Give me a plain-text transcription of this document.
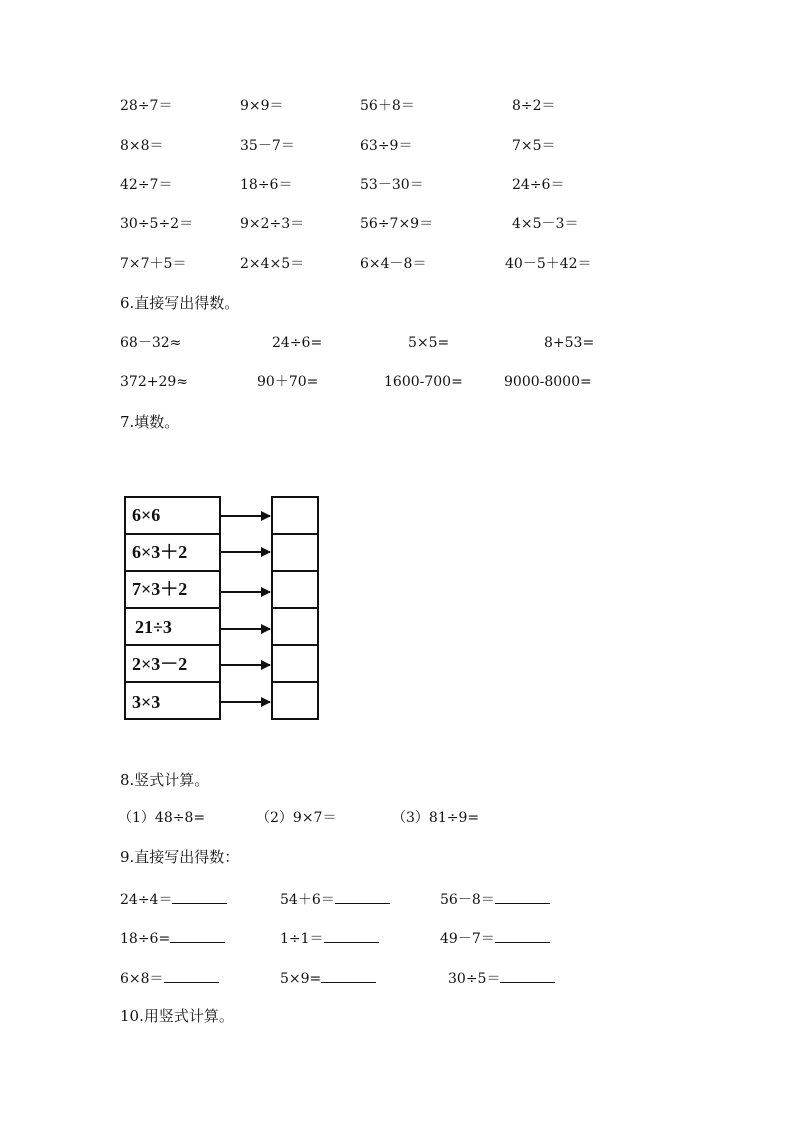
28÷7＝	9×9＝	56＋8＝	8÷2＝
8×8＝	35－7＝	63÷9＝	7×5＝
42÷7＝	18÷6＝	53－30＝	24÷6＝
30÷5÷2＝	9×2÷3＝	56÷7×9＝	4×5－3＝
7×7＋5＝	2×4×5＝	6×4－8＝	40－5＋42＝
6.直接写出得数。
68－32≈	24÷6=	5×5=	8+53=
372+29≈	90＋70=	1600-700=	9000-8000=
7.填数。
6×6
6×3＋2
7×3＋2
21÷3
2×3－2
3×3
8.竖式计算。
（1）48÷8=	（2）9×7＝	（3）81÷9=
9.直接写出得数：
24÷4＝	54＋6＝	56－8＝
18÷6=	1÷1＝	49－7＝
6×8＝	5×9=	30÷5＝
10.用竖式计算。
